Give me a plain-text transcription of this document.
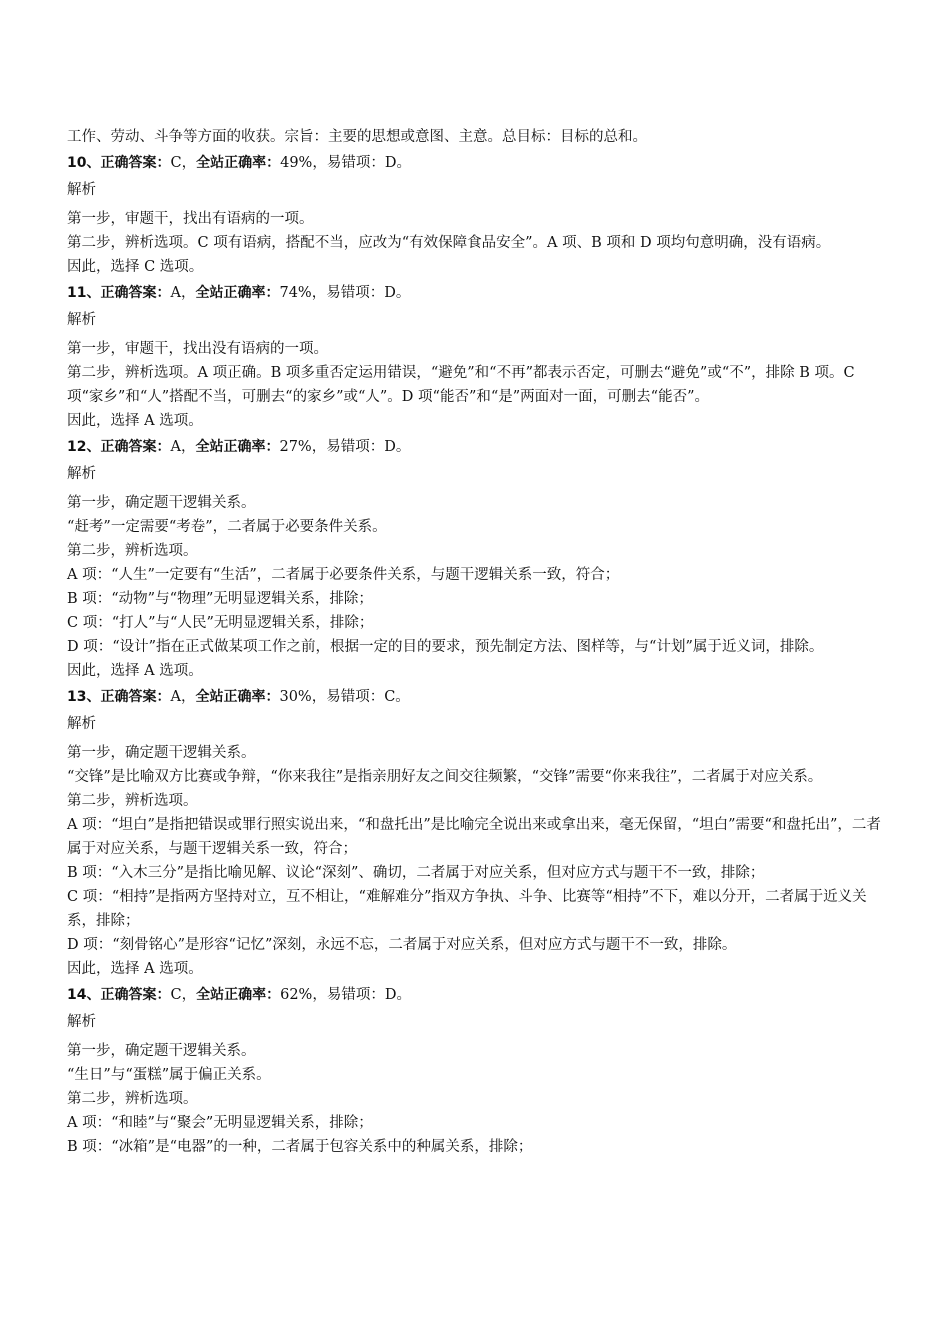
工作、劳动、斗争等方面的收获。宗旨：主要的思想或意图、主意。总目标：目标的总和。

10、正确答案：C，全站正确率：49%，易错项：D。

解析

第一步，审题干，找出有语病的一项。

第二步，辨析选项。C 项有语病，搭配不当，应改为“有效保障食品安全”。A 项、B 项和 D 项均句意明确，没有语病。

因此，选择 C 选项。

11、正确答案：A，全站正确率：74%，易错项：D。

解析

第一步，审题干，找出没有语病的一项。

第二步，辨析选项。A 项正确。B 项多重否定运用错误，“避免”和“不再”都表示否定，可删去“避免”或“不”，排除 B 项。C 项“家乡”和“人”搭配不当，可删去“的家乡”或“人”。D 项“能否”和“是”两面对一面，可删去“能否”。

因此，选择 A 选项。

12、正确答案：A，全站正确率：27%，易错项：D。

解析

第一步，确定题干逻辑关系。

“赶考”一定需要“考卷”，二者属于必要条件关系。

第二步，辨析选项。

A 项：“人生”一定要有“生活”，二者属于必要条件关系，与题干逻辑关系一致，符合；

B 项：“动物”与“物理”无明显逻辑关系，排除；

C 项：“打人”与“人民”无明显逻辑关系，排除；

D 项：“设计”指在正式做某项工作之前，根据一定的目的要求，预先制定方法、图样等，与“计划”属于近义词，排除。

因此，选择 A 选项。

13、正确答案：A，全站正确率：30%，易错项：C。

解析

第一步，确定题干逻辑关系。

“交锋”是比喻双方比赛或争辩，“你来我往”是指亲朋好友之间交往频繁，“交锋”需要“你来我往”，二者属于对应关系。

第二步，辨析选项。

A 项：“坦白”是指把错误或罪行照实说出来，“和盘托出”是比喻完全说出来或拿出来，毫无保留，“坦白”需要“和盘托出”，二者属于对应关系，与题干逻辑关系一致，符合；

B 项：“入木三分”是指比喻见解、议论“深刻”、确切，二者属于对应关系，但对应方式与题干不一致，排除；

C 项：“相持”是指两方坚持对立，互不相让，“难解难分”指双方争执、斗争、比赛等“相持”不下，难以分开，二者属于近义关系，排除；

D 项：“刻骨铭心”是形容“记忆”深刻，永远不忘，二者属于对应关系，但对应方式与题干不一致，排除。

因此，选择 A 选项。

14、正确答案：C，全站正确率：62%，易错项：D。

解析

第一步，确定题干逻辑关系。

“生日”与“蛋糕”属于偏正关系。

第二步，辨析选项。

A 项：“和睦”与“聚会”无明显逻辑关系，排除；

B 项：“冰箱”是“电器”的一种，二者属于包容关系中的种属关系，排除；
